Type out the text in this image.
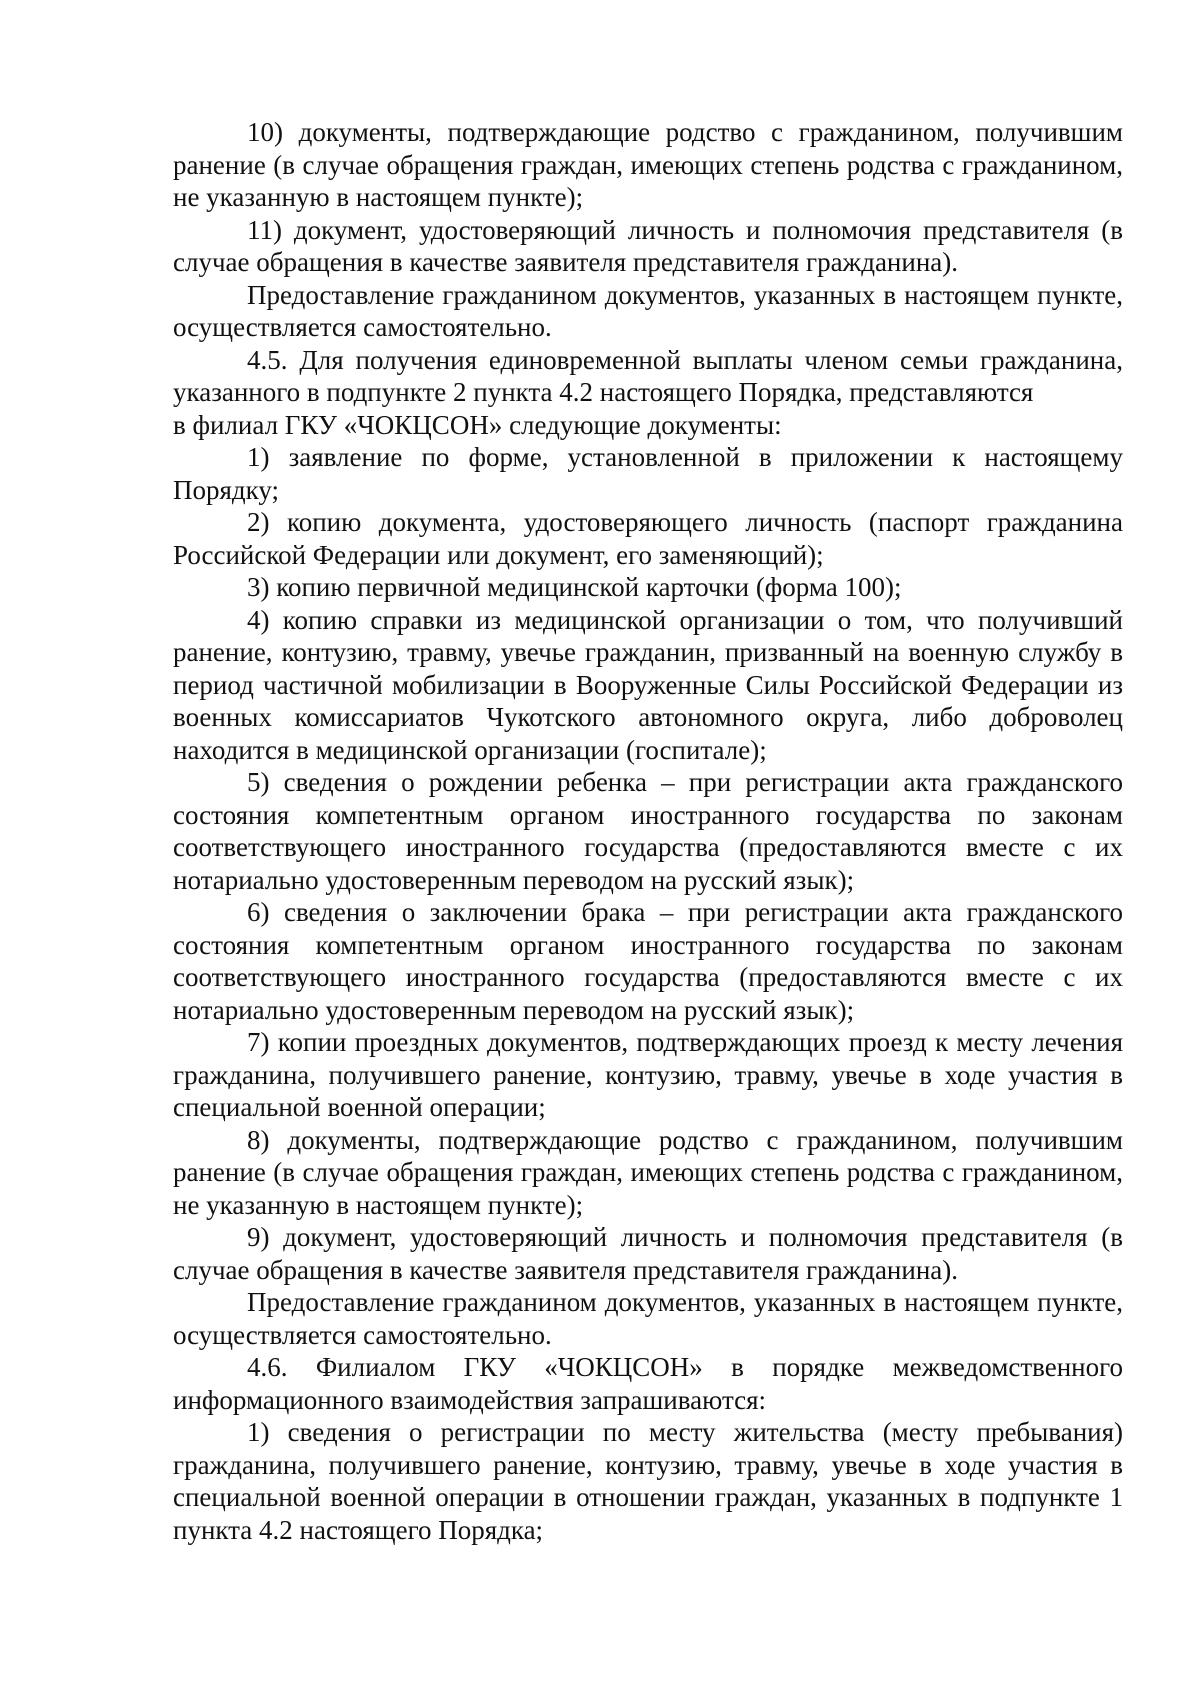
10) документы, подтверждающие родство с гражданином, получившим ранение (в случае обращения граждан, имеющих степень родства с гражданином, не указанную в настоящем пункте);

11) документ, удостоверяющий личность и полномочия представителя (в случае обращения в качестве заявителя представителя гражданина).

Предоставление гражданином документов, указанных в настоящем пункте, осуществляется самостоятельно.

4.5. Для получения единовременной выплаты членом семьи гражданина, указанного в подпункте 2 пункта 4.2 настоящего Порядка, представляются

в филиал ГКУ «ЧОКЦСОН» следующие документы:

1) заявление по форме, установленной в приложении к настоящему Порядку;

2) копию документа, удостоверяющего личность (паспорт гражданина Российской Федерации или документ, его заменяющий);

3) копию первичной медицинской карточки (форма 100);

4) копию справки из медицинской организации о том, что получивший ранение, контузию, травму, увечье гражданин, призванный на военную службу в период частичной мобилизации в Вооруженные Силы Российской Федерации из военных комиссариатов Чукотского автономного округа, либо доброволец находится в медицинской организации (госпитале);

5) сведения о рождении ребенка – при регистрации акта гражданского состояния компетентным органом иностранного государства по законам соответствующего иностранного государства (предоставляются вместе с их нотариально удостоверенным переводом на русский язык);

6) сведения о заключении брака – при регистрации акта гражданского состояния компетентным органом иностранного государства по законам соответствующего иностранного государства (предоставляются вместе с их нотариально удостоверенным переводом на русский язык);

7) копии проездных документов, подтверждающих проезд к месту лечения гражданина, получившего ранение, контузию, травму, увечье в ходе участия в специальной военной операции;

8) документы, подтверждающие родство с гражданином, получившим ранение (в случае обращения граждан, имеющих степень родства с гражданином, не указанную в настоящем пункте);

9) документ, удостоверяющий личность и полномочия представителя (в случае обращения в качестве заявителя представителя гражданина).

Предоставление гражданином документов, указанных в настоящем пункте, осуществляется самостоятельно.

4.6. Филиалом ГКУ «ЧОКЦСОН» в порядке межведомственного информационного взаимодействия запрашиваются:

1) сведения о регистрации по месту жительства (месту пребывания) гражданина, получившего ранение, контузию, травму, увечье в ходе участия в специальной военной операции в отношении граждан, указанных в подпункте 1 пункта 4.2 настоящего Порядка;
